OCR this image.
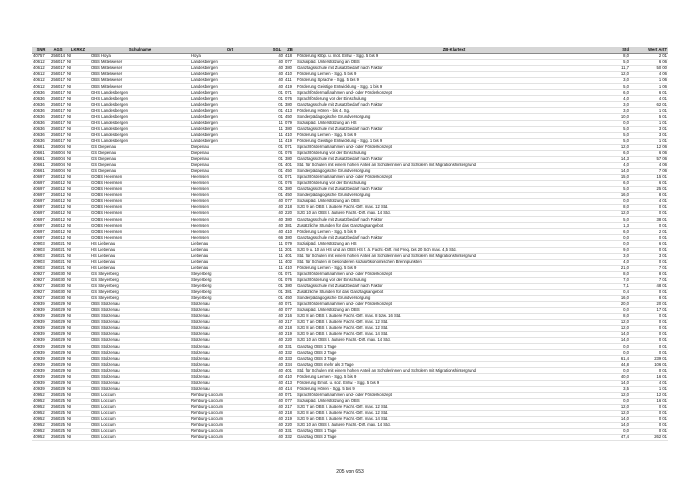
SNR	AGS	LKRKZ	Schulname	Ort	SGL	ZB	ZB-Klartext	Std	Wert ArtT
40757	256014	NI	OBS Hoya	Hoya	40	418	Förderung Klbp. u. mot. Entw. - Sgg. 5 bis 9	8,0	2 01
40612	256017	NI	OBS Mittelweser	Landesbergen	40	077	Sozialpäd. Unterstützung an OBS	5,0	6 06
40612	256017	NI	OBS Mittelweser	Landesbergen	40	380	Ganztagsschule mit Zusatzbedarf nach Faktor	11,7	50 00
40612	256017	NI	OBS Mittelweser	Landesbergen	40	410	Förderung Lernen - Sgg. 5 bis 9	12,0	4 06
40612	256017	NI	OBS Mittelweser	Landesbergen	40	411	Förderung Sprache - Sgg. 5 bis 9	3,0	1 06
40612	256017	NI	OBS Mittelweser	Landesbergen	40	419	Förderung Geistige Entwicklung - Sgg. 1 bis 9	5,0	1 06
40636	256017	NI	GHS Landesbergen	Landesbergen	01	071	Sprachfördermaßnahmen und- oder Förderkonzept	6,0	6 01
40636	256017	NI	GHS Landesbergen	Landesbergen	01	076	Sprachförderung vor der Einschulung	4,0	4 01
40636	256017	NI	GHS Landesbergen	Landesbergen	01	380	Ganztagsschule mit Zusatzbedarf nach Faktor	3,0	62 01
40636	256017	NI	GHS Landesbergen	Landesbergen	01	413	Förderung Hören - bis 4. Sg.	3,0	1 01
40636	256017	NI	GHS Landesbergen	Landesbergen	01	450	Sonderpädagogische Grundversorgung	10,0	5 01
40636	256017	NI	GHS Landesbergen	Landesbergen	11	079	Sozialpäd. Unterstützung an HS	0,0	1 01
40636	256017	NI	GHS Landesbergen	Landesbergen	11	380	Ganztagsschule mit Zusatzbedarf nach Faktor	5,0	3 01
40636	256017	NI	GHS Landesbergen	Landesbergen	11	410	Förderung Lernen - Sgg. 5 bis 9	5,0	3 01
40636	256017	NI	GHS Landesbergen	Landesbergen	11	419	Förderung Geistige Entwicklung - Sgg. 1 bis 9	5,0	1 01
40661	256004	NI	GS Diepenau	Diepenau	01	071	Sprachfördermaßnahmen und- oder Förderkonzept	12,0	12 06
40661	256004	NI	GS Diepenau	Diepenau	01	076	Sprachförderung vor der Einschulung	6,0	6 06
40661	256004	NI	GS Diepenau	Diepenau	01	380	Ganztagsschule mit Zusatzbedarf nach Faktor	14,3	57 06
40661	256004	NI	GS Diepenau	Diepenau	01	401	Std. für Schulen mit einem hohen Anteil an Schülerinnen und Schülern mit Migrationshintergrund	4,0	4 06
40661	256004	NI	GS Diepenau	Diepenau	01	450	Sonderpädagogische Grundversorgung	14,0	7 06
40697	256012	NI	GOBS Heemsen	Heemsen	01	071	Sprachfördermaßnahmen und- oder Förderkonzept	15,0	15 01
40697	256012	NI	GOBS Heemsen	Heemsen	01	076	Sprachförderung vor der Einschulung	6,0	6 01
40697	256012	NI	GOBS Heemsen	Heemsen	01	380	Ganztagsschule mit Zusatzbedarf nach Faktor	5,0	25 01
40697	256012	NI	GOBS Heemsen	Heemsen	01	450	Sonderpädagogische Grundversorgung	16,0	8 01
40697	256012	NI	GOBS Heemsen	Heemsen	40	077	Sozialpäd. Unterstützung an OBS	0,0	4 01
40697	256012	NI	GOBS Heemsen	Heemsen	40	218	SJG 9 an OBS I. äußere Fachl.-Diff. max. 12 Std.	8,0	0 01
40697	256012	NI	GOBS Heemsen	Heemsen	40	220	SJG 10 an OBS I. äußere Fachl.-Diff. max. 14 Std.	12,0	0 01
40697	256012	NI	GOBS Heemsen	Heemsen	40	380	Ganztagsschule mit Zusatzbedarf nach Faktor	5,0	38 01
40697	256012	NI	GOBS Heemsen	Heemsen	40	381	Zusätzliche Stunden für das Ganztagsangebot	1,3	0 01
40697	256012	NI	GOBS Heemsen	Heemsen	40	410	Förderung Lernen - Sgg. 5 bis 9	6,0	2 01
40697	256012	NI	GOBS Heemsen	Heemsen	66	380	Ganztagsschule mit Zusatzbedarf nach Faktor	0,0	0 01
40903	256021	NI	HS Liebenau	Liebenau	11	079	Sozialpäd. Unterstützung an HS	0,0	6 01
40903	256021	NI	HS Liebenau	Liebenau	11	201	SJG 9 u. 10 an HS und an OBS HS f. ä. Fachl.-Diff. mit Freq. bis 20 Sch max. 4,5 Std.	9,0	0 01
40903	256021	NI	HS Liebenau	Liebenau	11	401	Std. für Schulen mit einem hohen Anteil an Schülerinnen und Schülern mit Migrationshintergrund	3,0	3 01
40903	256021	NI	HS Liebenau	Liebenau	11	402	Std. für Schulen in besonderen sozial/ökonomischen Brennpunkten	4,0	0 01
40903	256021	NI	HS Liebenau	Liebenau	11	410	Förderung Lernen - Sgg. 5 bis 9	21,0	7 01
40927	256030	NI	GS Steyerberg	Steyerberg	01	071	Sprachfördermaßnahmen und- oder Förderkonzept	8,0	8 01
40927	256030	NI	GS Steyerberg	Steyerberg	01	076	Sprachförderung vor der Einschulung	7,0	7 01
40927	256030	NI	GS Steyerberg	Steyerberg	01	380	Ganztagsschule mit Zusatzbedarf nach Faktor	7,1	48 01
40927	256030	NI	GS Steyerberg	Steyerberg	01	381	Zusätzliche Stunden für das Ganztagsangebot	0,4	0 01
40927	256030	NI	GS Steyerberg	Steyerberg	01	450	Sonderpädagogische Grundversorgung	16,0	8 01
40939	256029	NI	OBS Stolzenau	Stolzenau	40	071	Sprachfördermaßnahmen und- oder Förderkonzept	20,0	20 01
40939	256029	NI	OBS Stolzenau	Stolzenau	40	077	Sozialpäd. Unterstützung an OBS	0,0	17 01
40939	256029	NI	OBS Stolzenau	Stolzenau	40	216	SJG 8 an OBS I. äußere Fachl.-Diff. max. 8 bzw. 16 Std.	8,0	0 01
40939	256029	NI	OBS Stolzenau	Stolzenau	40	217	SJG 7 an OBS I. äußere Fachl.-Diff. max. 12 Std.	12,0	0 01
40939	256029	NI	OBS Stolzenau	Stolzenau	40	218	SJG 8 an OBS I. äußere Fachl.-Diff. max. 12 Std.	12,0	0 01
40939	256029	NI	OBS Stolzenau	Stolzenau	40	219	SJG 9 an OBS I. äußere Fachl.-Diff. max. 14 Std.	14,0	0 01
40939	256029	NI	OBS Stolzenau	Stolzenau	40	220	SJG 10 an OBS I. äußere Fachl.-Diff. max. 14 Std.	14,0	0 01
40939	256029	NI	OBS Stolzenau	Stolzenau	40	331	Ganztag OBS 1 Tage	0,0	0 01
40939	256029	NI	OBS Stolzenau	Stolzenau	40	332	Ganztag OBS 2 Tage	0,0	0 01
40939	256029	NI	OBS Stolzenau	Stolzenau	40	333	Ganztag OBS 3 Tage	61,4	239 01
40939	256029	NI	OBS Stolzenau	Stolzenau	40	334	Ganztag OBS mehr als 3 Tage	44,8	106 01
40939	256029	NI	OBS Stolzenau	Stolzenau	40	401	Std. für Schulen mit einem hohen Anteil an Schülerinnen und Schülern mit Migrationshintergrund	0,0	0 01
40939	256029	NI	OBS Stolzenau	Stolzenau	40	410	Förderung Lernen - Sgg. 5 bis 9	40,0	16 01
40939	256029	NI	OBS Stolzenau	Stolzenau	40	413	Förderung Emot. u. soz. Entw. - Sgg. 5 bis 9	14,0	4 01
40939	256029	NI	OBS Stolzenau	Stolzenau	40	414	Förderung Hören - Sgg. 5 bis 9	3,5	1 01
40952	256025	NI	OBS Loccum	Rehburg-Loccum	40	071	Sprachfördermaßnahmen und- oder Förderkonzept	12,0	12 01
40952	256025	NI	OBS Loccum	Rehburg-Loccum	40	077	Sozialpäd. Unterstützung an OBS	0,0	16 01
40952	256025	NI	OBS Loccum	Rehburg-Loccum	40	217	SJG 7 an OBS I. äußere Fachl.-Diff. max. 12 Std.	12,0	0 01
40952	256025	NI	OBS Loccum	Rehburg-Loccum	40	218	SJG 8 an OBS I. äußere Fachl.-Diff. max. 12 Std.	12,0	0 01
40952	256025	NI	OBS Loccum	Rehburg-Loccum	40	219	SJG 9 an OBS I. äußere Fachl.-Diff. max. 14 Std.	14,0	0 01
40952	256025	NI	OBS Loccum	Rehburg-Loccum	40	220	SJG 10 an OBS I. äußere Fachl.-Diff. max. 14 Std.	14,0	0 01
40952	256025	NI	OBS Loccum	Rehburg-Loccum	40	331	Ganztag OBS 1 Tage	0,0	0 01
40952	256025	NI	OBS Loccum	Rehburg-Loccum	40	332	Ganztag OBS 2 Tage	47,4	262 01
205 von 653
